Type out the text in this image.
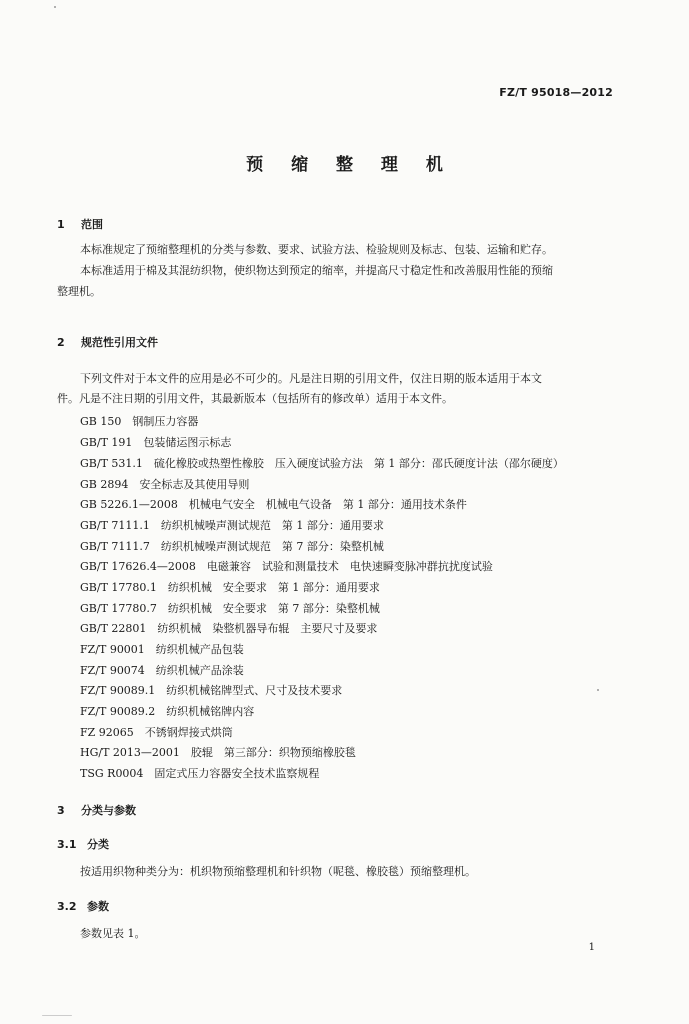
FZ/T 95018—2012
预 缩 整 理 机
1 范围
本标准规定了预缩整理机的分类与参数、要求、试验方法、检验规则及标志、包装、运输和贮存。
本标准适用于棉及其混纺织物，使织物达到预定的缩率，并提高尺寸稳定性和改善服用性能的预缩
整理机。
2 规范性引用文件
下列文件对于本文件的应用是必不可少的。凡是注日期的引用文件，仅注日期的版本适用于本文
件。凡是不注日期的引用文件，其最新版本（包括所有的修改单）适用于本文件。
GB 150　钢制压力容器
GB/T 191　包装储运图示标志
GB/T 531.1　硫化橡胶或热塑性橡胶　压入硬度试验方法　第 1 部分：邵氏硬度计法（邵尔硬度）
GB 2894　安全标志及其使用导则
GB 5226.1—2008　机械电气安全　机械电气设备　第 1 部分：通用技术条件
GB/T 7111.1　纺织机械噪声测试规范　第 1 部分：通用要求
GB/T 7111.7　纺织机械噪声测试规范　第 7 部分：染整机械
GB/T 17626.4—2008　电磁兼容　试验和测量技术　电快速瞬变脉冲群抗扰度试验
GB/T 17780.1　纺织机械　安全要求　第 1 部分：通用要求
GB/T 17780.7　纺织机械　安全要求　第 7 部分：染整机械
GB/T 22801　纺织机械　染整机器导布辊　主要尺寸及要求
FZ/T 90001　纺织机械产品包装
FZ/T 90074　纺织机械产品涂装
FZ/T 90089.1　纺织机械铭牌型式、尺寸及技术要求
FZ/T 90089.2　纺织机械铭牌内容
FZ 92065　不锈钢焊接式烘筒
HG/T 2013—2001　胶辊　第三部分：织物预缩橡胶毯
TSG R0004　固定式压力容器安全技术监察规程
3 分类与参数
3.1 分类
按适用织物种类分为：机织物预缩整理机和针织物（呢毯、橡胶毯）预缩整理机。
3.2 参数
参数见表 1。
1
